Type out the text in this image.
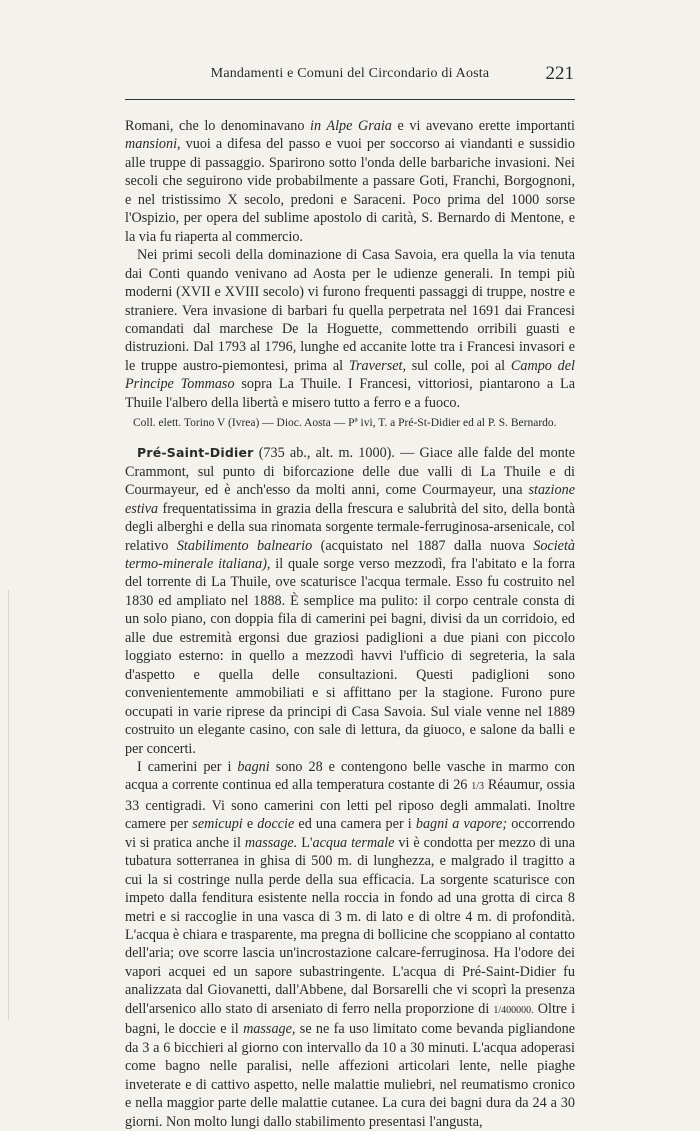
Mandamenti e Comuni del Circondario di Aosta	221

Romani, che lo denominavano in Alpe Graia e vi avevano erette importanti mansioni, vuoi a difesa del passo e vuoi per soccorso ai viandanti e sussidio alle truppe di passaggio. Sparirono sotto l'onda delle barbariche invasioni. Nei secoli che seguirono vide probabilmente a passare Goti, Franchi, Borgognoni, e nel tristissimo X secolo, predoni e Saraceni. Poco prima del 1000 sorse l'Ospizio, per opera del sublime apostolo di carità, S. Bernardo di Mentone, e la via fu riaperta al commercio.

Nei primi secoli della dominazione di Casa Savoia, era quella la via tenuta dai Conti quando venivano ad Aosta per le udienze generali. In tempi più moderni (XVII e XVIII secolo) vi furono frequenti passaggi di truppe, nostre e straniere. Vera invasione di barbari fu quella perpetrata nel 1691 dai Francesi comandati dal marchese De la Hoguette, commettendo orribili guasti e distruzioni. Dal 1793 al 1796, lunghe ed accanite lotte tra i Francesi invasori e le truppe austro-piemontesi, prima al Traverset, sul colle, poi al Campo del Principe Tommaso sopra La Thuile. I Francesi, vittoriosi, piantarono a La Thuile l'albero della libertà e misero tutto a ferro e a fuoco.

Coll. elett. Torino V (Ivrea) — Dioc. Aosta — Pª ivi, T. a Pré-St-Didier ed al P. S. Bernardo.

Pré-Saint-Didier (735 ab., alt. m. 1000). — Giace alle falde del monte Crammont, sul punto di biforcazione delle due valli di La Thuile e di Courmayeur, ed è anch'esso da molti anni, come Courmayeur, una stazione estiva frequentatissima in grazia della frescura e salubrità del sito, della bontà degli alberghi e della sua rinomata sorgente termale-ferruginosa-arsenicale, col relativo Stabilimento balneario (acquistato nel 1887 dalla nuova Società termo-minerale italiana), il quale sorge verso mezzodì, fra l'abitato e la forra del torrente di La Thuile, ove scaturisce l'acqua termale. Esso fu costruito nel 1830 ed ampliato nel 1888. È semplice ma pulito: il corpo centrale consta di un solo piano, con doppia fila di camerini pei bagni, divisi da un corridoio, ed alle due estremità ergonsi due graziosi padiglioni a due piani con piccolo loggiato esterno: in quello a mezzodì havvi l'ufficio di segreteria, la sala d'aspetto e quella delle consultazioni. Questi padiglioni sono convenientemente ammobiliati e si affittano per la stagione. Furono pure occupati in varie riprese da principi di Casa Savoia. Sul viale venne nel 1889 costruito un elegante casino, con sale di lettura, da giuoco, e salone da balli e per concerti.

I camerini per i bagni sono 28 e contengono belle vasche in marmo con acqua a corrente continua ed alla temperatura costante di 26 1/3 Réaumur, ossia 33 centigradi. Vi sono camerini con letti pel riposo degli ammalati. Inoltre camere per semicupi e doccie ed una camera per i bagni a vapore; occorrendo vi si pratica anche il massage. L'acqua termale vi è condotta per mezzo di una tubatura sotterranea in ghisa di 500 m. di lunghezza, e malgrado il tragitto a cui la si costringe nulla perde della sua efficacia. La sorgente scaturisce con impeto dalla fenditura esistente nella roccia in fondo ad una grotta di circa 8 metri e si raccoglie in una vasca di 3 m. di lato e di oltre 4 m. di profondità. L'acqua è chiara e trasparente, ma pregna di bollicine che scoppiano al contatto dell'aria; ove scorre lascia un'incrostazione calcare-ferruginosa. Ha l'odore dei vapori acquei ed un sapore subastringente. L'acqua di Pré-Saint-Didier fu analizzata dal Giovanetti, dall'Abbene, dal Borsarelli che vi scoprì la presenza dell'arsenico allo stato di arseniato di ferro nella proporzione di 1/400000. Oltre i bagni, le doccie e il massage, se ne fa uso limitato come bevanda pigliandone da 3 a 6 bicchieri al giorno con intervallo da 10 a 30 minuti. L'acqua adoperasi come bagno nelle paralisi, nelle affezioni articolari lente, nelle piaghe inveterate e di cattivo aspetto, nelle malattie muliebri, nel reumatismo cronico e nella maggior parte delle malattie cutanee. La cura dei bagni dura da 24 a 30 giorni. Non molto lungi dallo stabilimento presentasi l'angusta,
